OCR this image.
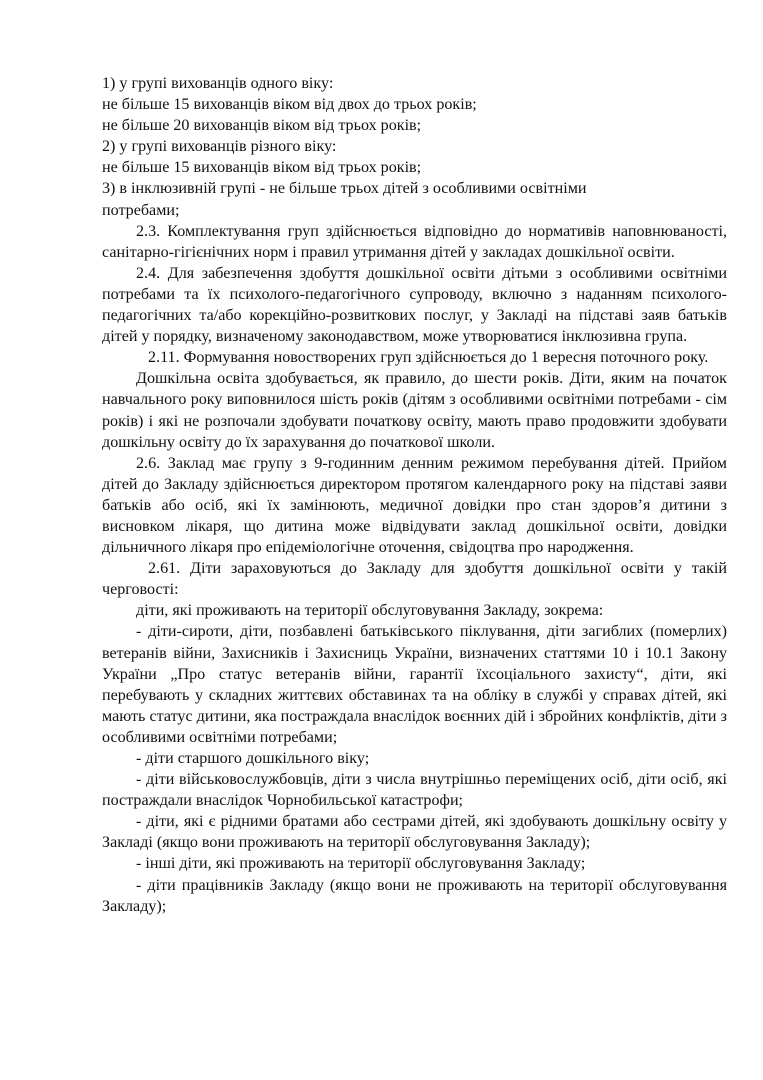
1) у групі вихованців одного віку:
не більше 15 вихованців віком від двох до трьох років;
не більше 20 вихованців віком від трьох років;
2) у групі вихованців різного віку:
не більше 15 вихованців віком від трьох років;
3) в інклюзивній групі - не більше трьох дітей з особливими освітніми
потребами;
2.3. Комплектування груп здійснюється відповідно до нормативів наповнюваності, санітарно-гігієнічних норм і правил утримання дітей у закладах дошкільної освіти.
2.4. Для забезпечення здобуття дошкільної освіти дітьми з особливими освітніми потребами та їх психолого-педагогічного супроводу, включно з наданням психолого-педагогічних та/або корекційно-розвиткових послуг, у Закладі на підставі заяв батьків дітей у порядку, визначеному законодавством, може утворюватися інклюзивна група.
2.11. Формування новостворених груп здійснюється до 1 вересня поточного року.
Дошкільна освіта здобувається, як правило, до шести років. Діти, яким на початок навчального року виповнилося шість років (дітям з особливими освітніми потребами - сім років) і які не розпочали здобувати початкову освіту, мають право продовжити здобувати дошкільну освіту до їх зарахування до початкової школи.
2.6. Заклад має групу з 9-годинним денним режимом перебування дітей. Прийом дітей до Закладу здійснюється директором протягом календарного року на підставі заяви батьків або осіб, які їх замінюють, медичної довідки про стан здоров’я дитини з висновком лікаря, що дитина може відвідувати заклад дошкільної освіти, довідки дільничного лікаря про епідеміологічне оточення, свідоцтва про народження.
2.61. Діти зараховуються до Закладу для здобуття дошкільної освіти у такій черговості:
діти, які проживають на території обслуговування Закладу, зокрема:
- діти-сироти, діти, позбавлені батьківського піклування, діти загиблих (померлих) ветеранів війни, Захисників і Захисниць України, визначених статтями 10 і 10.1 Закону України „Про статус ветеранів війни, гарантії їхсоціального захисту“, діти, які перебувають у складних життєвих обставинах та на обліку в службі у справах дітей, які мають статус дитини, яка постраждала внаслідок воєнних дій і збройних конфліктів, діти з особливими освітніми потребами;
- діти старшого дошкільного віку;
- діти військовослужбовців, діти з числа внутрішньо переміщених осіб, діти осіб, які постраждали внаслідок Чорнобильської катастрофи;
- діти, які є рідними братами або сестрами дітей, які здобувають дошкільну освіту у Закладі (якщо вони проживають на території обслуговування Закладу);
- інші діти, які проживають на території обслуговування Закладу;
- діти працівників Закладу (якщо вони не проживають на території обслуговування Закладу);
